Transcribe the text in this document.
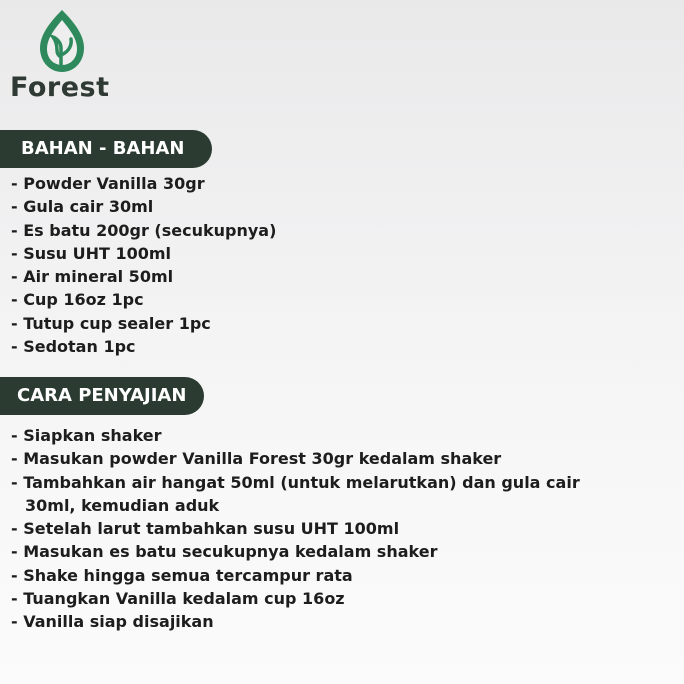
Forest
BAHAN - BAHAN
- Powder Vanilla 30gr
- Gula cair 30ml
- Es batu 200gr (secukupnya)
- Susu UHT 100ml
- Air mineral 50ml
- Cup 16oz 1pc
- Tutup cup sealer 1pc
- Sedotan 1pc
CARA PENYAJIAN
- Siapkan shaker
- Masukan powder Vanilla Forest 30gr kedalam shaker
- Tambahkan air hangat 50ml (untuk melarutkan) dan gula cair 30ml, kemudian aduk
- Setelah larut tambahkan susu UHT 100ml
- Masukan es batu secukupnya kedalam shaker
- Shake hingga semua tercampur rata
- Tuangkan Vanilla kedalam cup 16oz
- Vanilla siap disajikan
